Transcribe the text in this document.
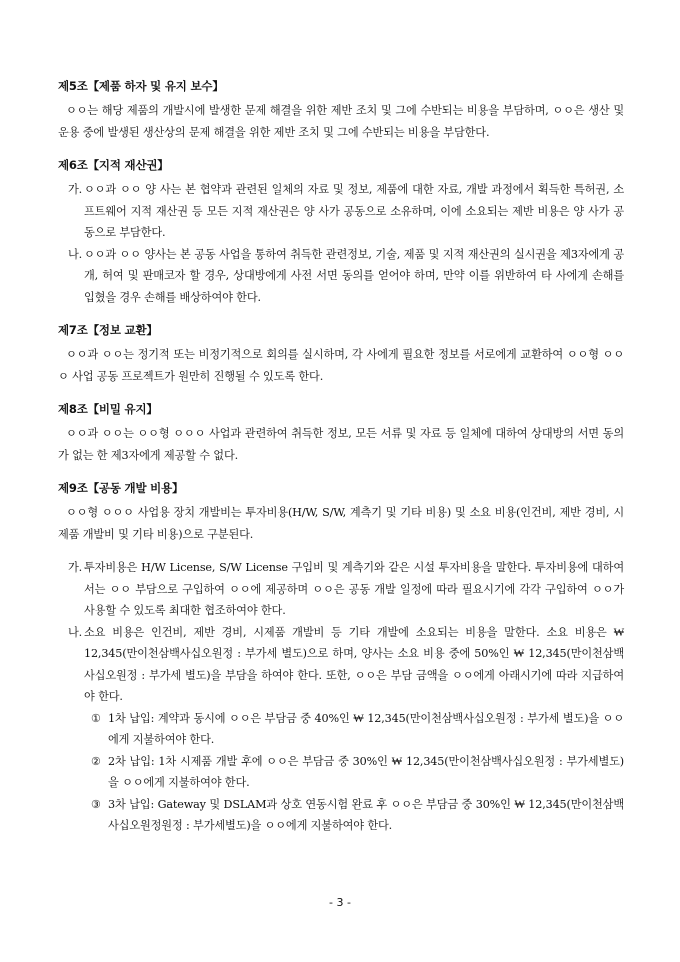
제5조【제품 하자 및 유지 보수】
ㅇㅇ는 해당 제품의 개발시에 발생한 문제 해결을 위한 제반 조치 및 그에 수반되는 비용을 부담하며, ㅇㅇ은 생산 및 운용 중에 발생된 생산상의 문제 해결을 위한 제반 조치 및 그에 수반되는 비용을 부담한다.
제6조【지적 재산권】
가. ㅇㅇ과 ㅇㅇ 양 사는 본 협약과 관련된 일체의 자료 및 정보, 제품에 대한 자료, 개발 과정에서 획득한 특허권, 소프트웨어 지적 재산권 등 모든 지적 재산권은 양 사가 공동으로 소유하며, 이에 소요되는 제반 비용은 양 사가 공동으로 부담한다.
나. ㅇㅇ과 ㅇㅇ 양사는 본 공동 사업을 통하여 취득한 관련정보, 기술, 제품 및 지적 재산권의 실시권을 제3자에게 공개, 허여 및 판매코자 할 경우, 상대방에게 사전 서면 동의를 얻어야 하며, 만약 이를 위반하여 타 사에게 손해를 입혔을 경우 손해를 배상하여야 한다.
제7조【정보 교환】
ㅇㅇ과 ㅇㅇ는 정기적 또는 비정기적으로 회의를 실시하며, 각 사에게 필요한 정보를 서로에게 교환하여 ㅇㅇ형 ㅇㅇㅇ 사업 공동 프로젝트가 원만히 진행될 수 있도록 한다.
제8조【비밀 유지】
ㅇㅇ과 ㅇㅇ는 ㅇㅇ형 ㅇㅇㅇ 사업과 관련하여 취득한 정보, 모든 서류 및 자료 등 일체에 대하여 상대방의 서면 동의가 없는 한 제3자에게 제공할 수 없다.
제9조【공동 개발 비용】
ㅇㅇ형 ㅇㅇㅇ 사업용 장치 개발비는 투자비용(H/W, S/W, 계측기 및 기타 비용) 및 소요 비용(인건비, 제반 경비, 시제품 개발비 및 기타 비용)으로 구분된다.
가. 투자비용은 H/W License, S/W License 구입비 및 계측기와 같은 시설 투자비용을 말한다. 투자비용에 대하여서는 ㅇㅇ 부담으로 구입하여 ㅇㅇ에 제공하며 ㅇㅇ은 공동 개발 일정에 따라 필요시기에 각각 구입하여 ㅇㅇ가 사용할 수 있도록 최대한 협조하여야 한다.
나. 소요 비용은 인건비, 제반 경비, 시제품 개발비 등 기타 개발에 소요되는 비용을 말한다. 소요 비용은 ₩ 12,345(만이천삼백사십오원정 : 부가세 별도)으로 하며, 양사는 소요 비용 중에 50%인 ₩ 12,345(만이천삼백사십오원정 : 부가세 별도)을 부담을 하여야 한다. 또한, ㅇㅇ은 부담 금액을 ㅇㅇ에게 아래시기에 따라 지급하여야 한다.
① 1차 납입: 계약과 동시에 ㅇㅇ은 부담금 중 40%인 ₩ 12,345(만이천삼백사십오원정 : 부가세 별도)을 ㅇㅇ에게 지불하여야 한다.
② 2차 납입: 1차 시제품 개발 후에 ㅇㅇ은 부담금 중 30%인 ₩ 12,345(만이천삼백사십오원정 : 부가세별도)을 ㅇㅇ에게 지불하여야 한다.
③ 3차 납입: Gateway 및 DSLAM과 상호 연동시험 완료 후 ㅇㅇ은 부담금 중 30%인 ₩ 12,345(만이천삼백사십오원정원정 : 부가세별도)을 ㅇㅇ에게 지불하여야 한다.
- 3 -
